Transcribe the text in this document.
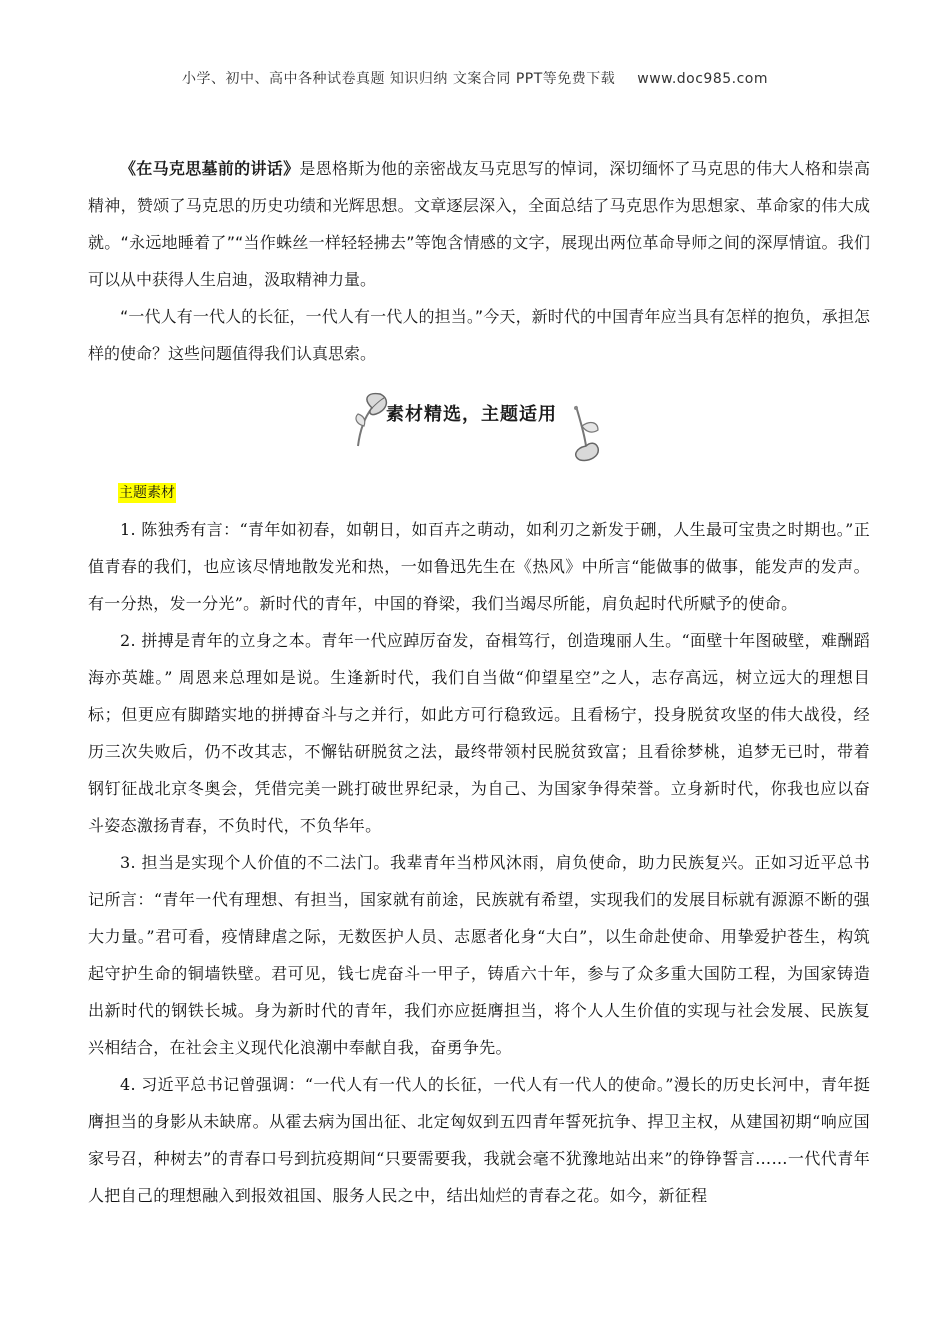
小学、初中、高中各种试卷真题 知识归纳 文案合同 PPT等免费下载 www.doc985.com

《在马克思墓前的讲话》是恩格斯为他的亲密战友马克思写的悼词，深切缅怀了马克思的伟大人格和崇高精神，赞颂了马克思的历史功绩和光辉思想。文章逐层深入，全面总结了马克思作为思想家、革命家的伟大成就。“永远地睡着了”“当作蛛丝一样轻轻拂去”等饱含情感的文字，展现出两位革命导师之间的深厚情谊。我们可以从中获得人生启迪，汲取精神力量。

“一代人有一代人的长征，一代人有一代人的担当。”今天，新时代的中国青年应当具有怎样的抱负，承担怎样的使命？这些问题值得我们认真思索。

素材精选，主题适用
主题素材

1. 陈独秀有言：“青年如初春，如朝日，如百卉之萌动，如利刃之新发于硎，人生最可宝贵之时期也。”正值青春的我们，也应该尽情地散发光和热，一如鲁迅先生在《热风》中所言“能做事的做事，能发声的发声。有一分热，发一分光”。新时代的青年，中国的脊梁，我们当竭尽所能，肩负起时代所赋予的使命。

2. 拼搏是青年的立身之本。青年一代应踔厉奋发，奋楫笃行，创造瑰丽人生。“面壁十年图破壁，难酬蹈海亦英雄。” 周恩来总理如是说。生逢新时代，我们自当做“仰望星空”之人，志存高远，树立远大的理想目标；但更应有脚踏实地的拼搏奋斗与之并行，如此方可行稳致远。且看杨宁，投身脱贫攻坚的伟大战役，经历三次失败后，仍不改其志，不懈钻研脱贫之法，最终带领村民脱贫致富；且看徐梦桃，追梦无已时，带着钢钉征战北京冬奥会，凭借完美一跳打破世界纪录，为自己、为国家争得荣誉。立身新时代，你我也应以奋斗姿态激扬青春，不负时代，不负华年。

3. 担当是实现个人价值的不二法门。我辈青年当栉风沐雨，肩负使命，助力民族复兴。正如习近平总书记所言：“青年一代有理想、有担当，国家就有前途，民族就有希望，实现我们的发展目标就有源源不断的强大力量。”君可看，疫情肆虐之际，无数医护人员、志愿者化身“大白”，以生命赴使命、用挚爱护苍生，构筑起守护生命的铜墙铁壁。君可见，钱七虎奋斗一甲子，铸盾六十年，参与了众多重大国防工程，为国家铸造出新时代的钢铁长城。身为新时代的青年，我们亦应挺膺担当，将个人人生价值的实现与社会发展、民族复兴相结合，在社会主义现代化浪潮中奉献自我，奋勇争先。

4. 习近平总书记曾强调：“一代人有一代人的长征，一代人有一代人的使命。”漫长的历史长河中，青年挺膺担当的身影从未缺席。从霍去病为国出征、北定匈奴到五四青年誓死抗争、捍卫主权，从建国初期“响应国家号召，种树去”的青春口号到抗疫期间“只要需要我，我就会毫不犹豫地站出来”的铮铮誓言……一代代青年人把自己的理想融入到报效祖国、服务人民之中，结出灿烂的青春之花。如今，新征程
